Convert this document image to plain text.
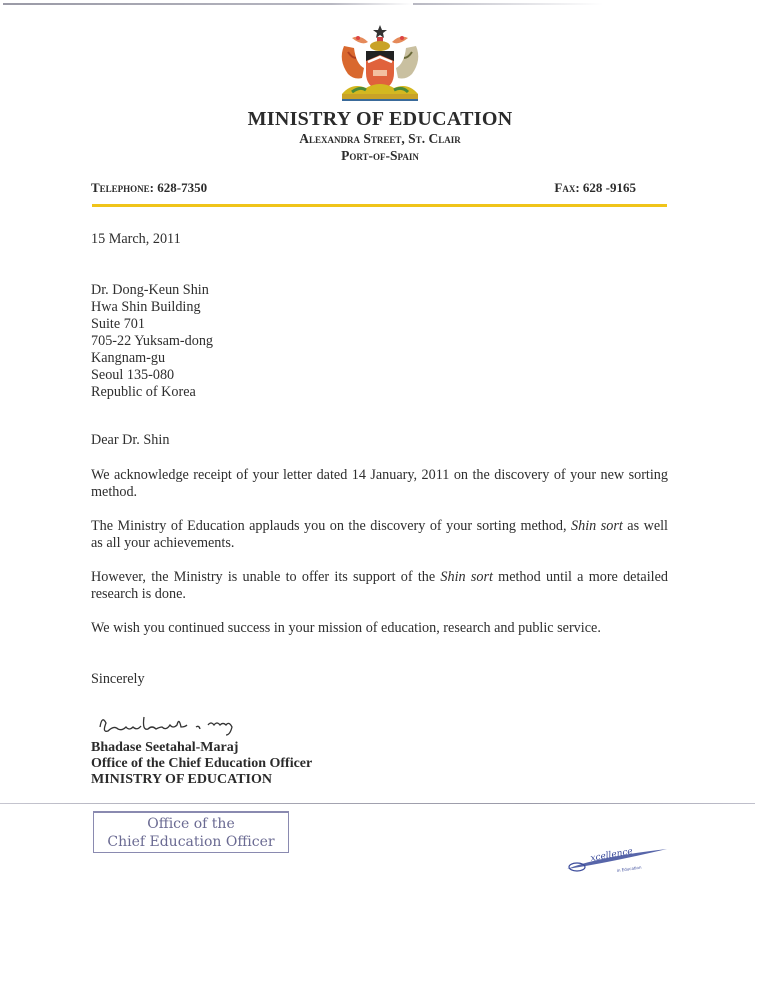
MINISTRY OF EDUCATION
Alexandra Street, St. Clair
Port-of-Spain
Telephone: 628-7350	Fax: 628 -9165
15 March, 2011
Dr. Dong-Keun Shin
Hwa Shin Building
Suite 701
705-22 Yuksam-dong
Kangnam-gu
Seoul 135-080
Republic of Korea
Dear Dr. Shin
We acknowledge receipt of your letter dated 14 January, 2011 on the discovery of your new sorting method.
The Ministry of Education applauds you on the discovery of your sorting method, Shin sort as well as all your achievements.
However, the Ministry is unable to offer its support of the Shin sort method until a more detailed research is done.
We wish you continued success in your mission of education, research and public service.
Sincerely
Bhadase Seetahal-Maraj
Office of the Chief Education Officer
MINISTRY OF EDUCATION
Office of the
Chief Education Officer
xcellence
in Education
